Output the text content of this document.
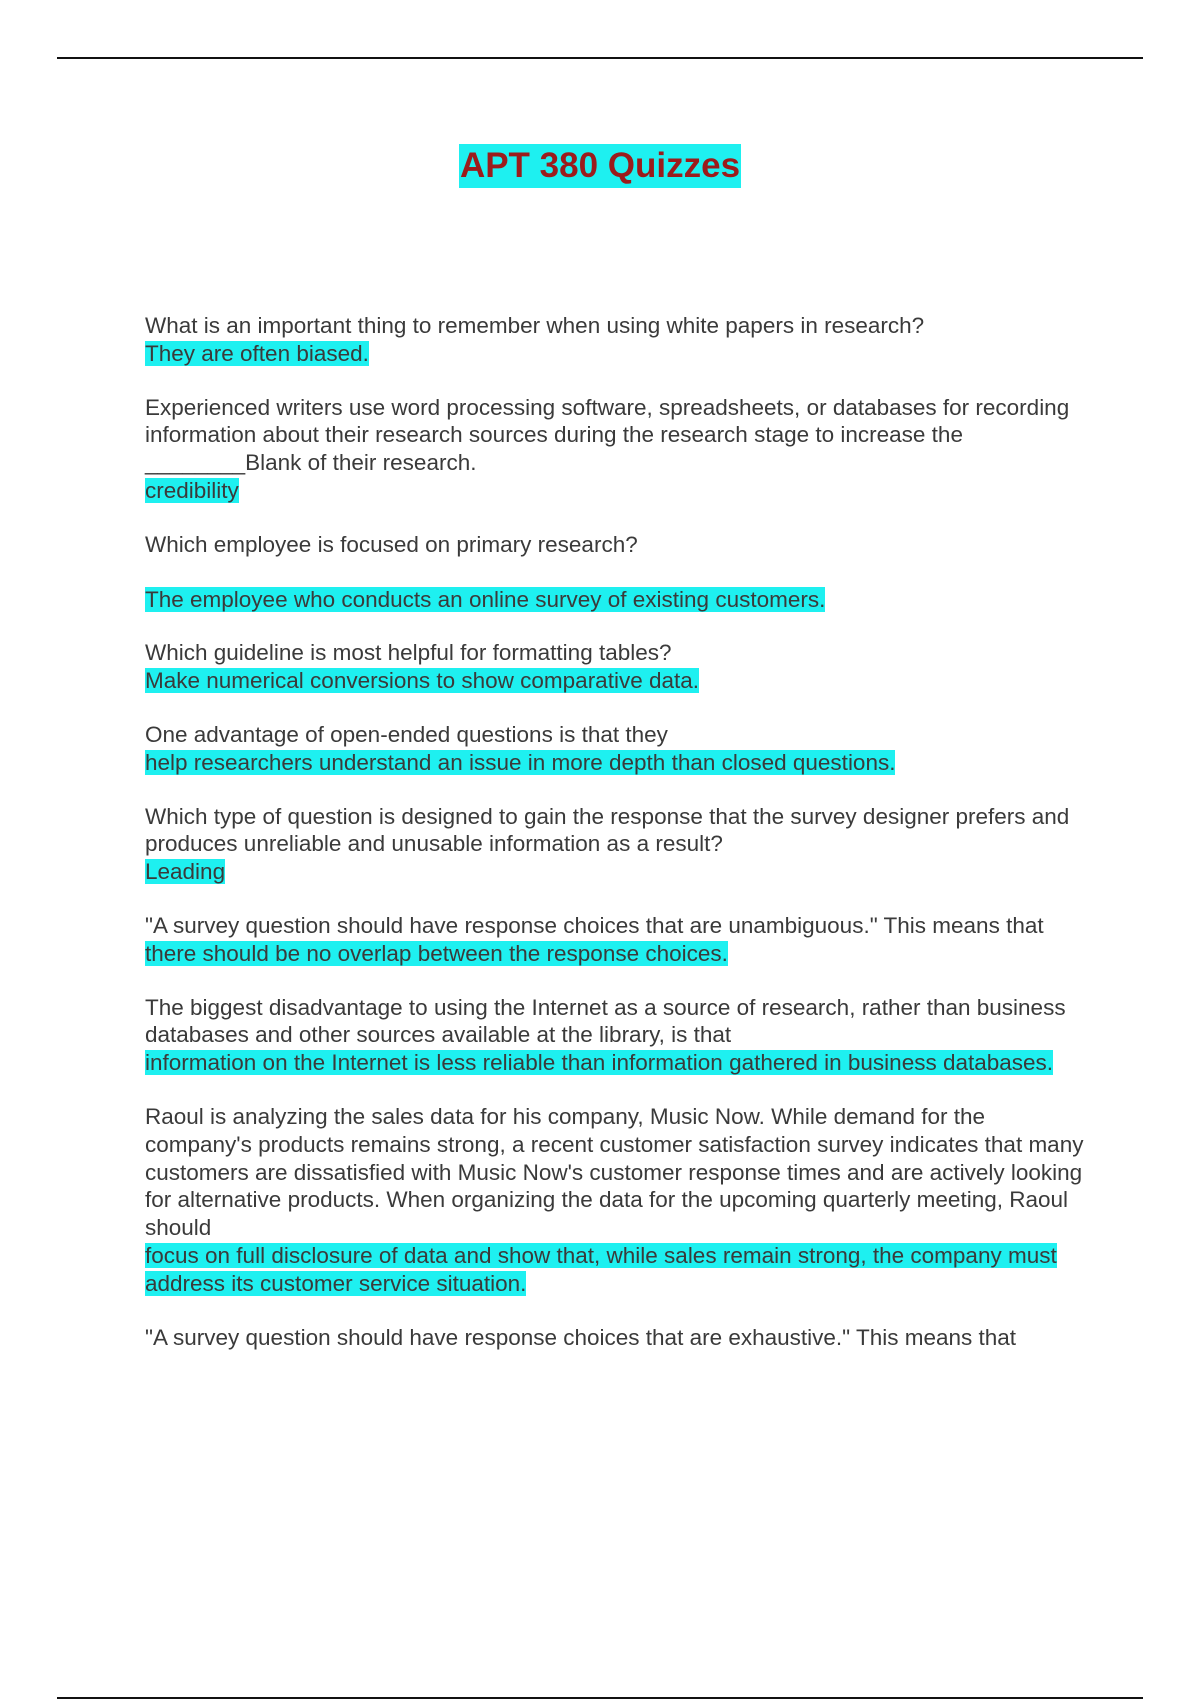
APT 380 Quizzes

What is an important thing to remember when using white papers in research?

They are often biased.

Experienced writers use word processing software, spreadsheets, or databases for recording information about their research sources during the research stage to increase the ________Blank of their research.

credibility

Which employee is focused on primary research?

The employee who conducts an online survey of existing customers.

Which guideline is most helpful for formatting tables?

Make numerical conversions to show comparative data.

One advantage of open-ended questions is that they

help researchers understand an issue in more depth than closed questions.

Which type of question is designed to gain the response that the survey designer prefers and produces unreliable and unusable information as a result?

Leading

"A survey question should have response choices that are unambiguous." This means that

there should be no overlap between the response choices.

The biggest disadvantage to using the Internet as a source of research, rather than business databases and other sources available at the library, is that

information on the Internet is less reliable than information gathered in business databases.

Raoul is analyzing the sales data for his company, Music Now. While demand for the company's products remains strong, a recent customer satisfaction survey indicates that many customers are dissatisfied with Music Now's customer response times and are actively looking for alternative products. When organizing the data for the upcoming quarterly meeting, Raoul should

focus on full disclosure of data and show that, while sales remain strong, the company must address its customer service situation.

"A survey question should have response choices that are exhaustive." This means that
